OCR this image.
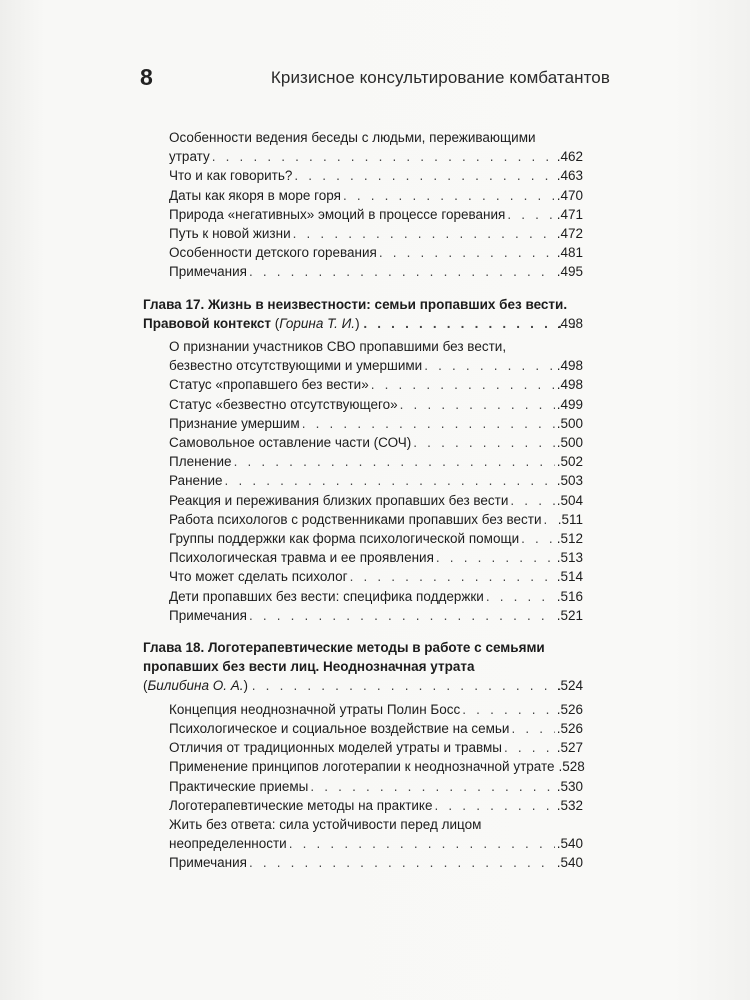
8	Кризисное консультирование комбатантов
Особенности ведения беседы с людьми, переживающими
утрату . . .	.462
Что и как говорить? . . .	.463
Даты как якоря в море горя . . .	.470
Природа «негативных» эмоций в процессе горевания . . .	.471
Путь к новой жизни . . .	.472
Особенности детского горевания . . .	.481
Примечания . . .	.495
Глава 17. Жизнь в неизвестности: семьи пропавших без вести.
Правовой контекст (Горина Т. И.) . . .	.498
О признании участников СВО пропавшими без вести,
безвестно отсутствующими и умершими . . .	.498
Статус «пропавшего без вести» . . .	.498
Статус «безвестно отсутствующего» . . .	.499
Признание умершим . . .	.500
Самовольное оставление части (СОЧ) . . .	.500
Пленение . . .	.502
Ранение . . .	.503
Реакция и переживания близких пропавших без вести . . .	.504
Работа психологов с родственниками пропавших без вести . . . .511
Группы поддержки как форма психологической помощи . . .	.512
Психологическая травма и ее проявления . . .	.513
Что может сделать психолог . . .	.514
Дети пропавших без вести: специфика поддержки . . .	.516
Примечания . . .	.521
Глава 18. Логотерапевтические методы в работе с семьями
пропавших без вести лиц. Неоднозначная утрата
(Билибина О. А.) . . .	.524
Концепция неоднозначной утраты Полин Босс . . .	.526
Психологическое и социальное воздействие на семьи . . .	.526
Отличия от традиционных моделей утраты и травмы . . .	.527
Применение принципов логотерапии к неоднозначной утрате .528
Практические приемы . . .	.530
Логотерапевтические методы на практике . . .	.532
Жить без ответа: сила устойчивости перед лицом
неопределенности . . .	.540
Примечания . . .	.540
